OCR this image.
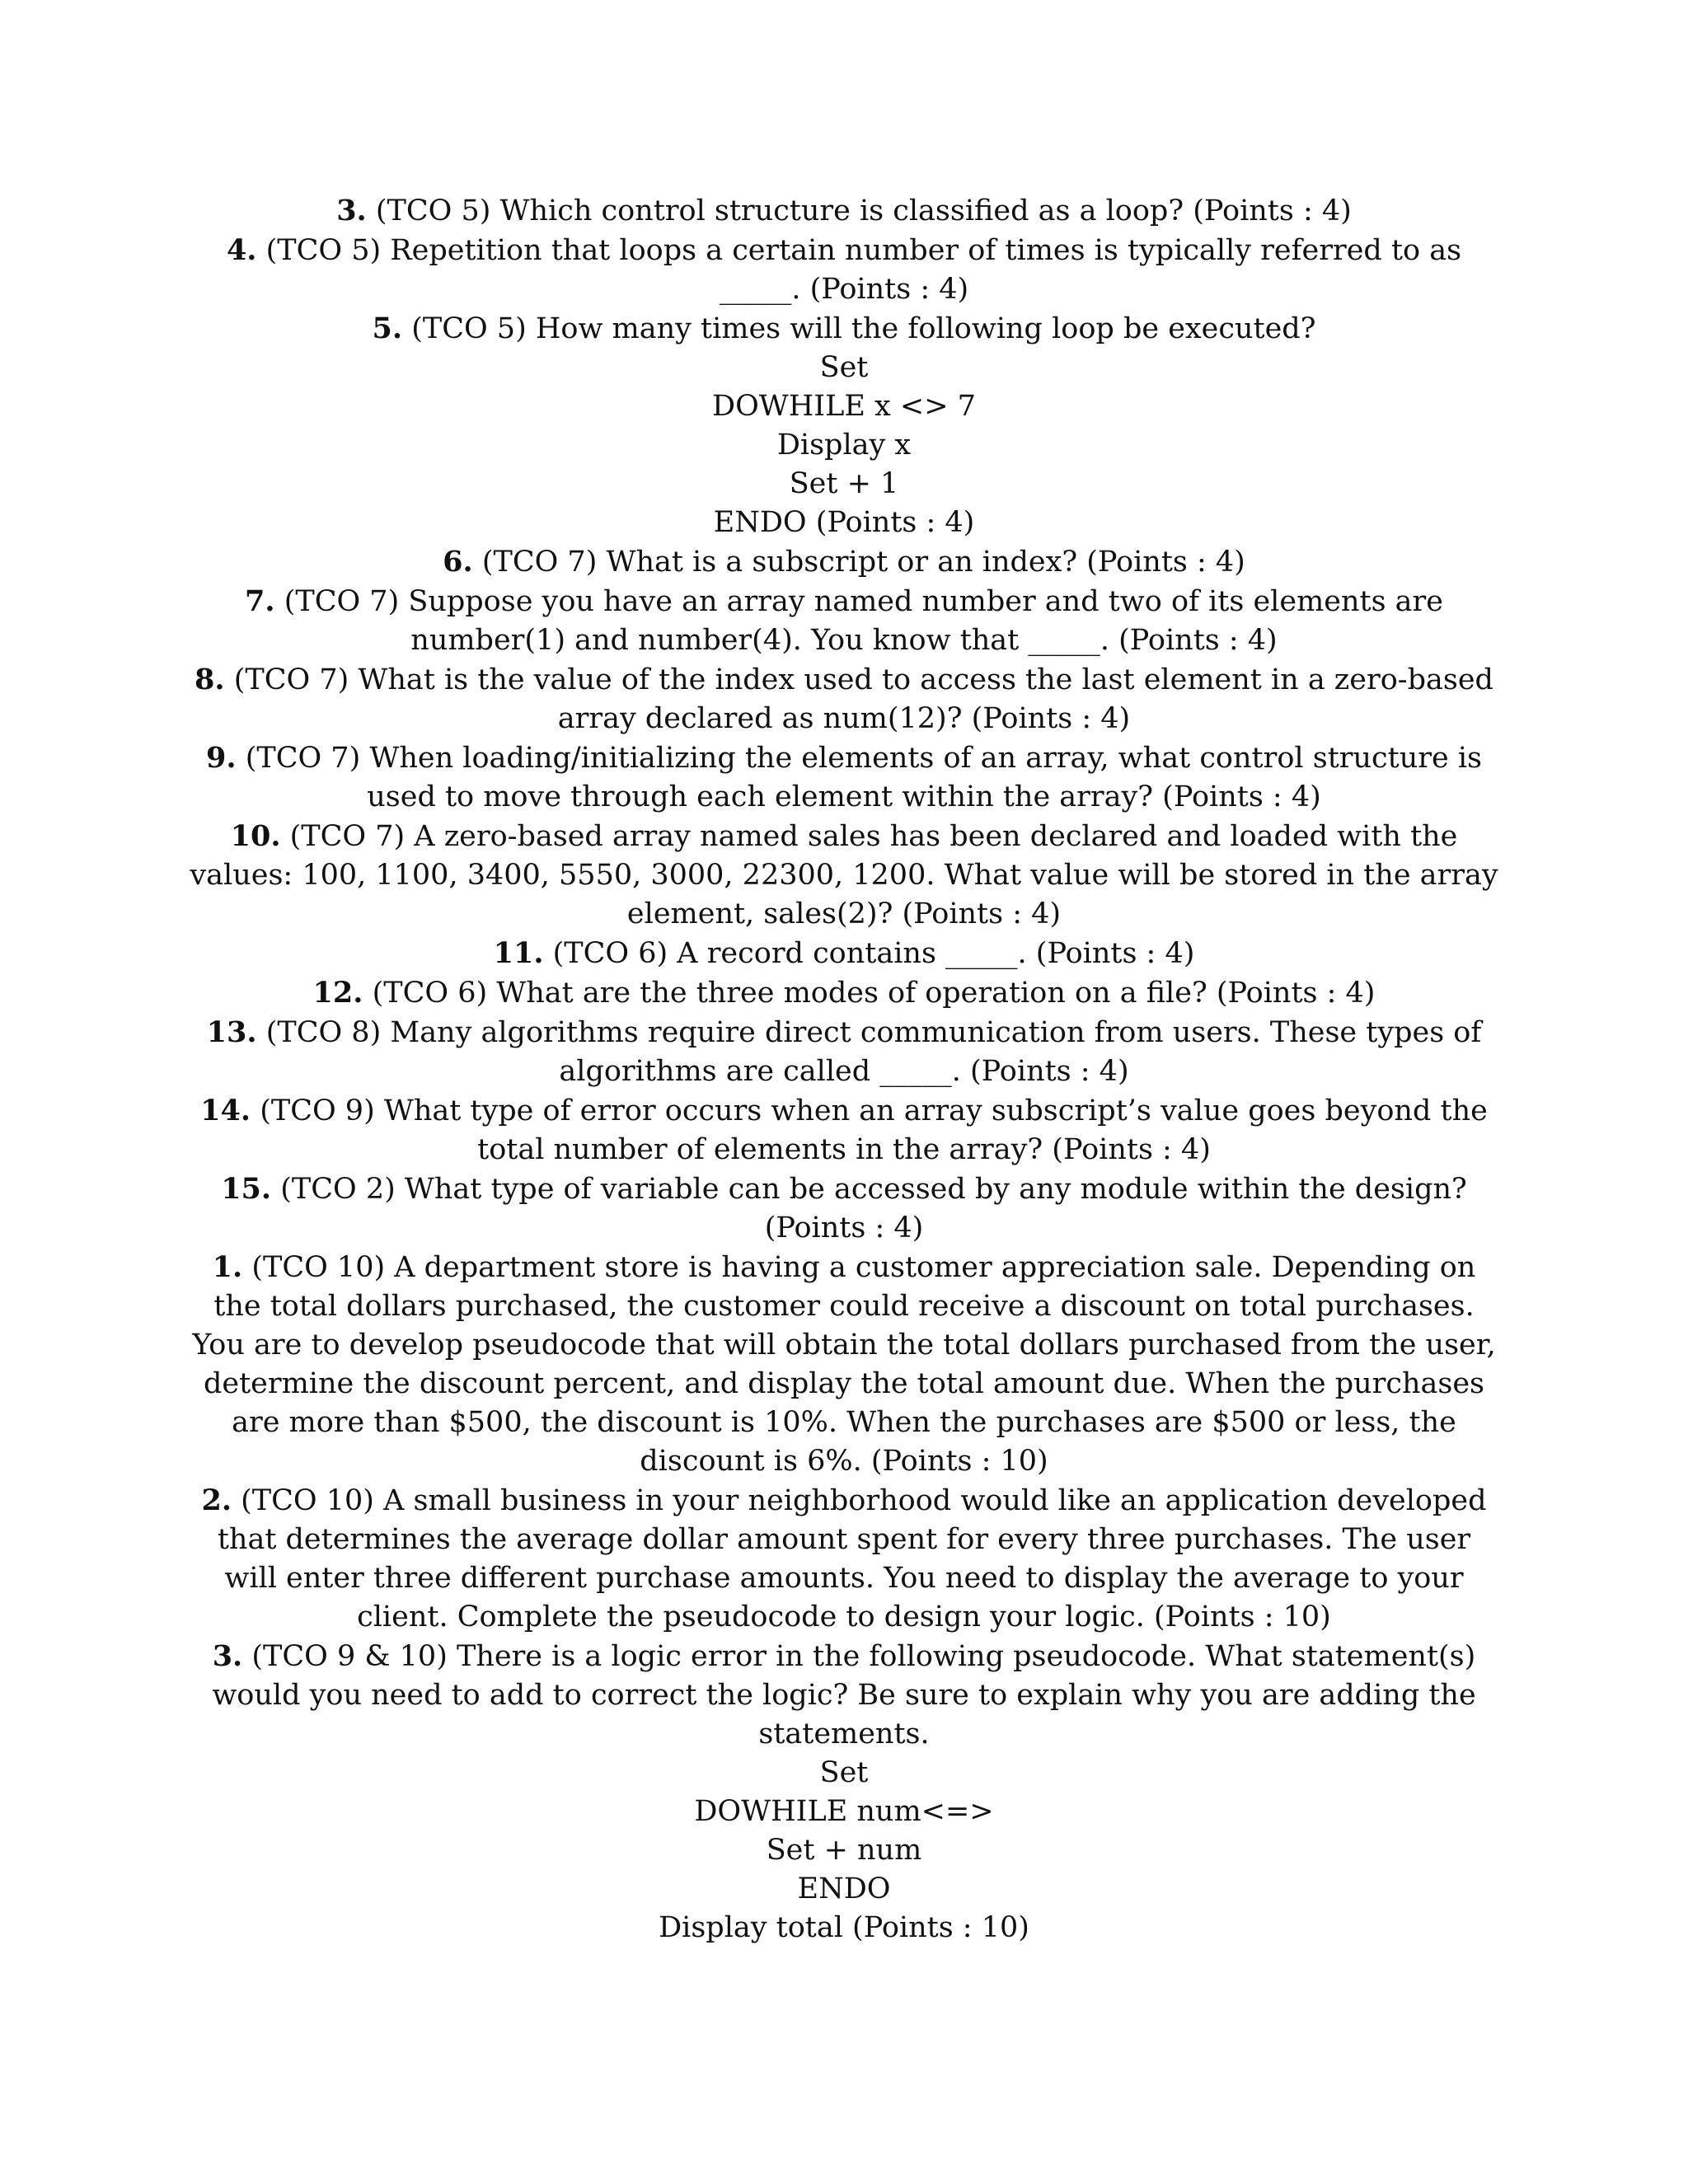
3. (TCO 5) Which control structure is classified as a loop? (Points : 4)

4. (TCO 5) Repetition that loops a certain number of times is typically referred to as _____. (Points : 4)

5. (TCO 5) How many times will the following loop be executed?

Set

DOWHILE x <> 7

Display x

Set + 1

ENDO (Points : 4)

6. (TCO 7) What is a subscript or an index? (Points : 4)

7. (TCO 7) Suppose you have an array named number and two of its elements are number(1) and number(4). You know that _____. (Points : 4)

8. (TCO 7) What is the value of the index used to access the last element in a zero-based array declared as num(12)? (Points : 4)

9. (TCO 7) When loading/initializing the elements of an array, what control structure is used to move through each element within the array? (Points : 4)

10. (TCO 7) A zero-based array named sales has been declared and loaded with the values: 100, 1100, 3400, 5550, 3000, 22300, 1200. What value will be stored in the array element, sales(2)? (Points : 4)

11. (TCO 6) A record contains _____. (Points : 4)

12. (TCO 6) What are the three modes of operation on a file? (Points : 4)

13. (TCO 8) Many algorithms require direct communication from users. These types of algorithms are called _____. (Points : 4)

14. (TCO 9) What type of error occurs when an array subscript’s value goes beyond the total number of elements in the array? (Points : 4)

15. (TCO 2) What type of variable can be accessed by any module within the design? (Points : 4)

1. (TCO 10) A department store is having a customer appreciation sale. Depending on the total dollars purchased, the customer could receive a discount on total purchases. You are to develop pseudocode that will obtain the total dollars purchased from the user, determine the discount percent, and display the total amount due. When the purchases are more than $500, the discount is 10%. When the purchases are $500 or less, the discount is 6%. (Points : 10)

2. (TCO 10) A small business in your neighborhood would like an application developed that determines the average dollar amount spent for every three purchases. The user will enter three different purchase amounts. You need to display the average to your client. Complete the pseudocode to design your logic. (Points : 10)

3. (TCO 9 & 10) There is a logic error in the following pseudocode. What statement(s) would you need to add to correct the logic? Be sure to explain why you are adding the statements.

Set

DOWHILE num<=>

Set + num

ENDO

Display total (Points : 10)
